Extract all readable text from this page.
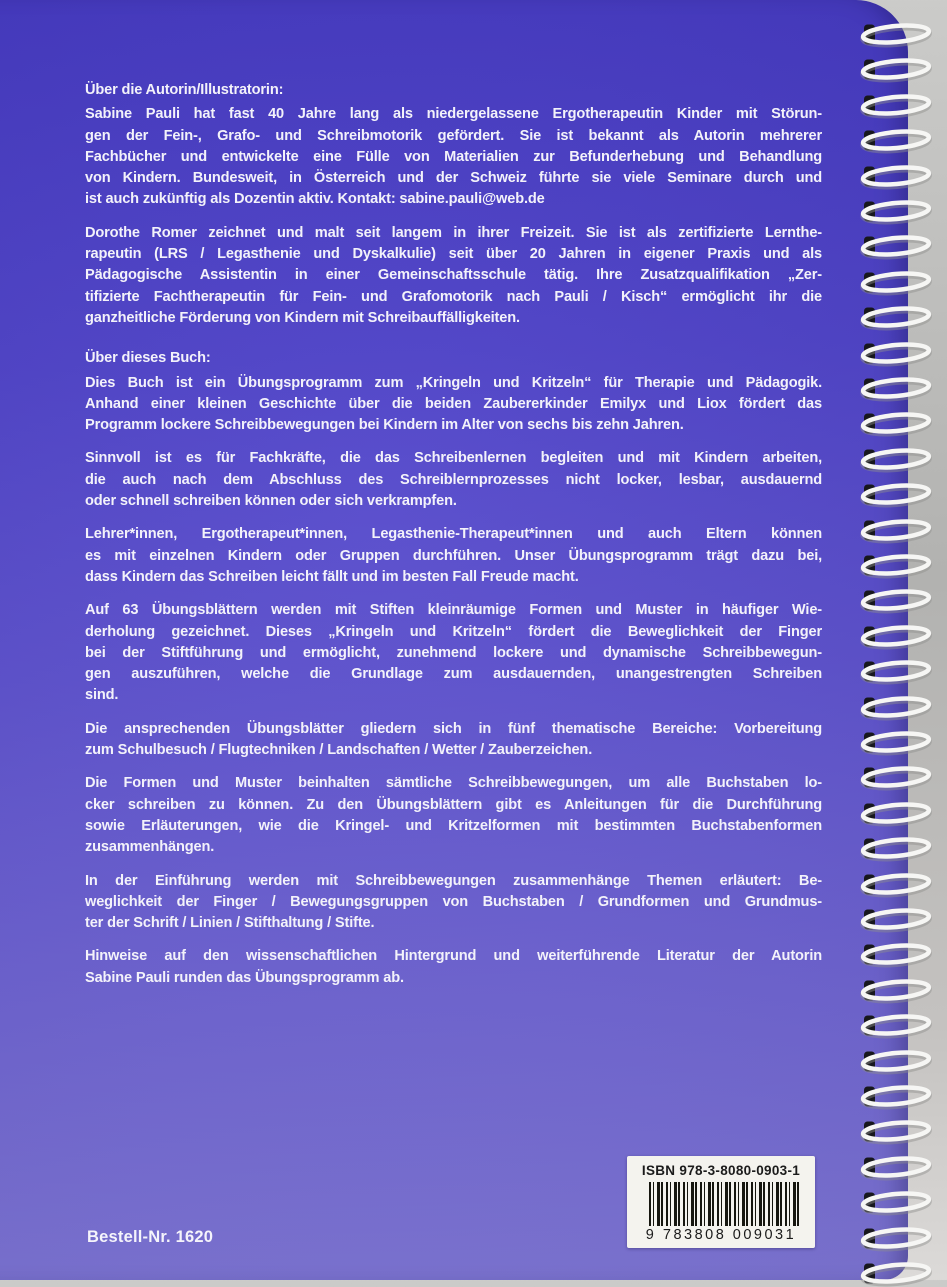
Über die Autorin/Illustratorin:
Sabine Pauli hat fast 40 Jahre lang als niedergelassene Ergotherapeutin Kinder mit Störun-
gen der Fein-, Grafo- und Schreibmotorik gefördert. Sie ist bekannt als Autorin mehrerer
Fachbücher und entwickelte eine Fülle von Materialien zur Befunderhebung und Behandlung
von Kindern. Bundesweit, in Österreich und der Schweiz führte sie viele Seminare durch und
ist auch zukünftig als Dozentin aktiv. Kontakt: sabine.pauli@web.de
Dorothe Romer zeichnet und malt seit langem in ihrer Freizeit. Sie ist als zertifizierte Lernthe-
rapeutin (LRS / Legasthenie und Dyskalkulie) seit über 20 Jahren in eigener Praxis und als
Pädagogische Assistentin in einer Gemeinschaftsschule tätig. Ihre Zusatzqualifikation „Zer-
tifizierte Fachtherapeutin für Fein- und Grafomotorik nach Pauli / Kisch“ ermöglicht ihr die
ganzheitliche Förderung von Kindern mit Schreibauffälligkeiten.
Über dieses Buch:
Dies Buch ist ein Übungsprogramm zum „Kringeln und Kritzeln“ für Therapie und Pädagogik.
Anhand einer kleinen Geschichte über die beiden Zaubererkinder Emilyx und Liox fördert das
Programm lockere Schreibbewegungen bei Kindern im Alter von sechs bis zehn Jahren.
Sinnvoll ist es für Fachkräfte, die das Schreibenlernen begleiten und mit Kindern arbeiten,
die auch nach dem Abschluss des Schreiblernprozesses nicht locker, lesbar, ausdauernd
oder schnell schreiben können oder sich verkrampfen.
Lehrer*innen, Ergotherapeut*innen, Legasthenie-Therapeut*innen und auch Eltern können
es mit einzelnen Kindern oder Gruppen durchführen. Unser Übungsprogramm trägt dazu bei,
dass Kindern das Schreiben leicht fällt und im besten Fall Freude macht.
Auf 63 Übungsblättern werden mit Stiften kleinräumige Formen und Muster in häufiger Wie-
derholung gezeichnet. Dieses „Kringeln und Kritzeln“ fördert die Beweglichkeit der Finger
bei der Stiftführung und ermöglicht, zunehmend lockere und dynamische Schreibbewegun-
gen auszuführen, welche die Grundlage zum ausdauernden, unangestrengten Schreiben
sind.
Die ansprechenden Übungsblätter gliedern sich in fünf thematische Bereiche: Vorbereitung
zum Schulbesuch / Flugtechniken / Landschaften / Wetter / Zauberzeichen.
Die Formen und Muster beinhalten sämtliche Schreibbewegungen, um alle Buchstaben lo-
cker schreiben zu können. Zu den Übungsblättern gibt es Anleitungen für die Durchführung
sowie Erläuterungen, wie die Kringel- und Kritzelformen mit bestimmten Buchstabenformen
zusammenhängen.
In der Einführung werden mit Schreibbewegungen zusammenhänge Themen erläutert: Be-
weglichkeit der Finger / Bewegungsgruppen von Buchstaben / Grundformen und Grundmus-
ter der Schrift / Linien / Stifthaltung / Stifte.
Hinweise auf den wissenschaftlichen Hintergrund und weiterführende Literatur der Autorin
Sabine Pauli runden das Übungsprogramm ab.
ISBN 978-3-8080-0903-1
9 783808 009031
Bestell-Nr. 1620
